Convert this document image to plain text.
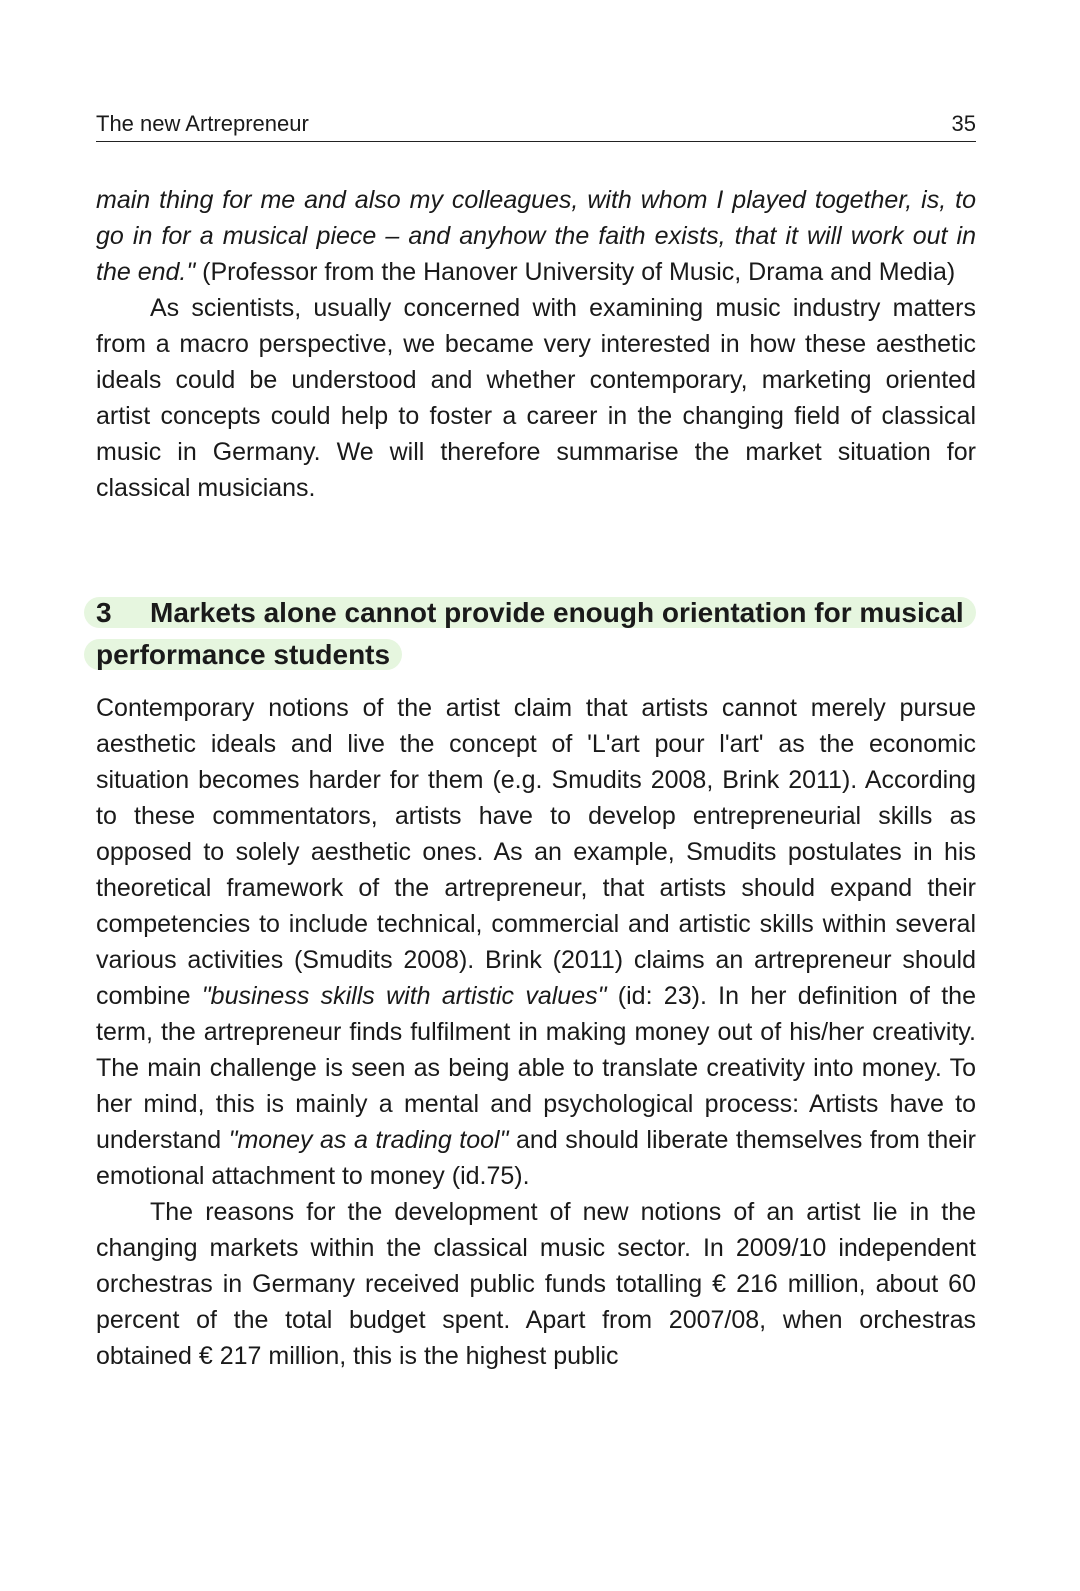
The new Artrepreneur	35

main thing for me and also my colleagues, with whom I played together, is, to go in for a musical piece – and anyhow the faith exists, that it will work out in the end." (Professor from the Hanover University of Music, Drama and Media)

As scientists, usually concerned with examining music industry matters from a macro perspective, we became very interested in how these aesthetic ideals could be understood and whether contemporary, marketing oriented artist concepts could help to foster a career in the changing field of classical music in Germany. We will therefore summarise the market situation for classical musicians.

3 Markets alone cannot provide enough orientation for musical performance students

Contemporary notions of the artist claim that artists cannot merely pursue aesthetic ideals and live the concept of 'L'art pour l'art' as the economic situation becomes harder for them (e.g. Smudits 2008, Brink 2011). According to these commentators, artists have to develop entrepreneurial skills as opposed to solely aesthetic ones. As an example, Smudits postulates in his theoretical framework of the artrepreneur, that artists should expand their competencies to include technical, commercial and artistic skills within several various activities (Smudits 2008). Brink (2011) claims an artrepreneur should combine "business skills with artistic values" (id: 23). In her definition of the term, the artrepreneur finds fulfilment in making money out of his/her creativity. The main challenge is seen as being able to translate creativity into money. To her mind, this is mainly a mental and psychological process: Artists have to understand "money as a trading tool" and should liberate themselves from their emotional attachment to money (id.75).

The reasons for the development of new notions of an artist lie in the changing markets within the classical music sector. In 2009/10 independent orchestras in Germany received public funds totalling € 216 million, about 60 percent of the total budget spent. Apart from 2007/08, when orchestras obtained € 217 million, this is the highest public
